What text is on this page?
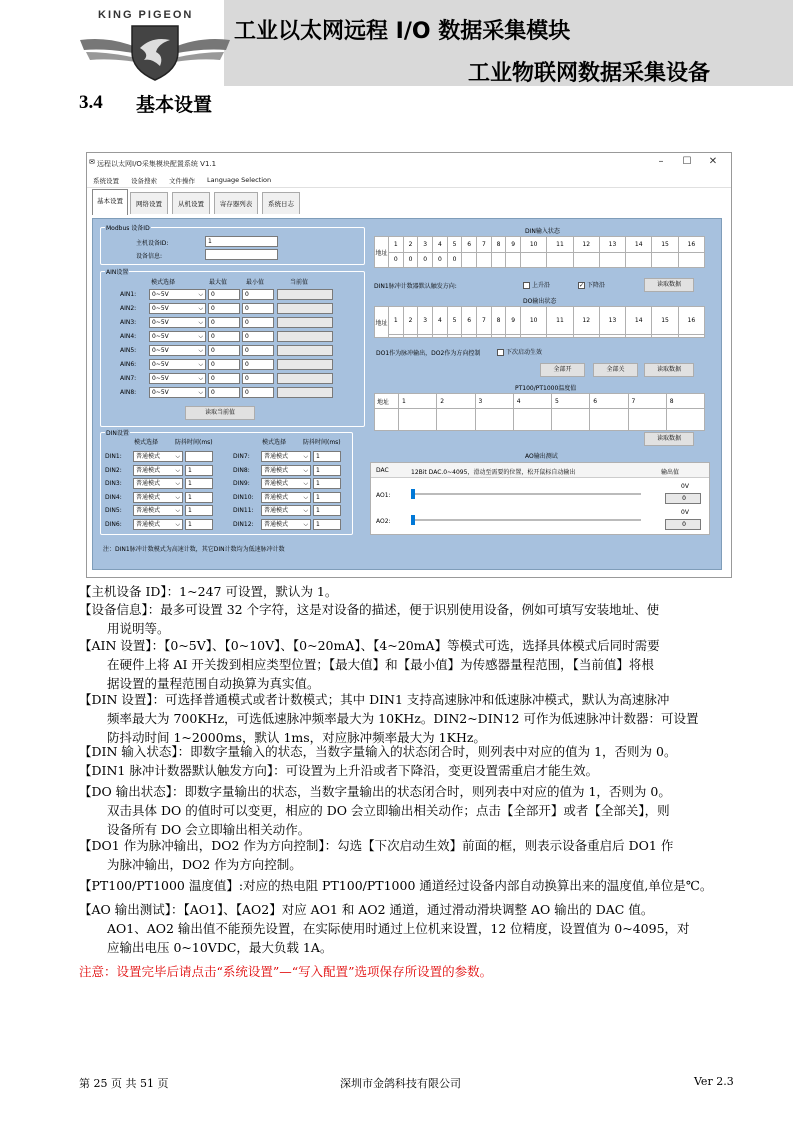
KING PIGEON
工业以太网远程 I/O 数据采集模块
工业物联网数据采集设备
3.4 基本设置
✉ 远程以太网I/O采集模块配置系统 V1.1	–	☐	✕
系统设置 设备搜索 文件操作 Language Selection
基本设置	网络设置	从机设置	寄存器列表	系统日志
Modbus 设备ID
主机设备ID:	1
设备信息:
AIN设置
模式选择	最大值	最小值	当前值
读取当前值
DIN设置
模式选择	防抖时间(ms)	模式选择	防抖时间(ms)
注：DIN1脉冲计数模式为高速计数，其它DIN计数均为低速脉冲计数
DIN输入状态
地址	1	2	3	4	5	6	7	8	9	10	11	12	13	14	15	16
	0	0	0	0	0											
DIN1脉冲计数器默认触发方向:	上升沿	✓ 下降沿	读取数据
DO输出状态
地址	1	2	3	4	5	6	7	8	9	10	11	12	13	14	15	16

DO1作为脉冲输出，DO2作为方向控制	下次启动生效
全部开	全部关	读取数据
PT100/PT1000温度值
地址	1	2	3	4	5	6	7	8

读取数据
AO输出测试
DAC	12Bit DAC.0~4095，滑动至需要的位置，松开鼠标自动输出	输出值
AO1:
0V
0
AO2:
0V
0
AIN1:	0~5V	⌵	0	0
AIN2:	0~5V	⌵	0	0
AIN3:	0~5V	⌵	0	0
AIN4:	0~5V	⌵	0	0
AIN5:	0~5V	⌵	0	0
AIN6:	0~5V	⌵	0	0
AIN7:	0~5V	⌵	0	0
AIN8:	0~5V	⌵	0	0
DIN1:	普通模式	⌵
DIN2:	普通模式	⌵	1
DIN3:	普通模式	⌵	1
DIN4:	普通模式	⌵	1
DIN5:	普通模式	⌵	1
DIN6:	普通模式	⌵	1
DIN7:	普通模式	⌵	1
DIN8:	普通模式	⌵	1
DIN9:	普通模式	⌵	1
DIN10:	普通模式	⌵	1
DIN11:	普通模式	⌵	1
DIN12:	普通模式	⌵	1
【主机设备 ID】：1~247 可设置，默认为 1。
【设备信息】：最多可设置 32 个字符，这是对设备的描述，便于识别使用设备，例如可填写安装地址、使
用说明等。
【AIN 设置】：【0~5V】、【0~10V】、【0~20mA】、【4~20mA】等模式可选，选择具体模式后同时需要
在硬件上将 AI 开关拨到相应类型位置；【最大值】和【最小值】为传感器量程范围，【当前值】将根
据设置的量程范围自动换算为真实值。
【DIN 设置】：可选择普通模式或者计数模式；其中 DIN1 支持高速脉冲和低速脉冲模式，默认为高速脉冲
频率最大为 700KHz，可选低速脉冲频率最大为 10KHz。DIN2~DIN12 可作为低速脉冲计数器：可设置
防抖动时间 1~2000ms，默认 1ms，对应脉冲频率最大为 1KHz。
【DIN 输入状态】：即数字量输入的状态，当数字量输入的状态闭合时，则列表中对应的值为 1，否则为 0。
【DIN1 脉冲计数器默认触发方向】：可设置为上升沿或者下降沿，变更设置需重启才能生效。
【DO 输出状态】：即数字量输出的状态，当数字量输出的状态闭合时，则列表中对应的值为 1，否则为 0。
双击具体 DO 的值时可以变更，相应的 DO 会立即输出相关动作；点击【全部开】或者【全部关】，则
设备所有 DO 会立即输出相关动作。
【DO1 作为脉冲输出，DO2 作为方向控制】：勾选【下次启动生效】前面的框，则表示设备重启后 DO1 作
为脉冲输出，DO2 作为方向控制。
【PT100/PT1000 温度值】:对应的热电阻 PT100/PT1000 通道经过设备内部自动换算出来的温度值,单位是℃。
【AO 输出测试】：【AO1】、【AO2】对应 AO1 和 AO2 通道，通过滑动滑块调整 AO 输出的 DAC 值。
AO1、AO2 输出值不能预先设置，在实际使用时通过上位机来设置，12 位精度，设置值为 0~4095，对
应输出电压 0~10VDC，最大负载 1A。
注意：设置完毕后请点击“系统设置”—“写入配置”选项保存所设置的参数。
第 25 页 共 51 页	深圳市金鸽科技有限公司	Ver 2.3
